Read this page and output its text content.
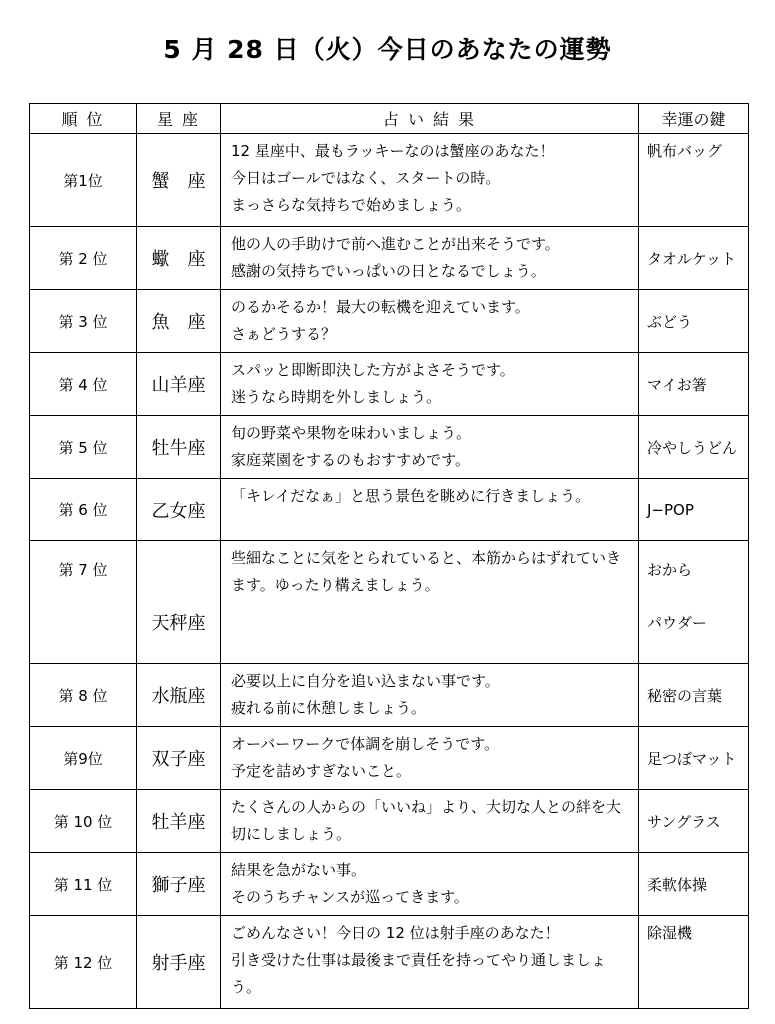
5 月 28 日（火）今日のあなたの運勢
順 位	星 座	占 い 結 果	幸運の鍵
第1位	蟹　座	12 星座中、最もラッキーなのは蟹座のあなた！
今日はゴールではなく、スタートの時。
まっさらな気持ちで始めましょう。	帆布バッグ

第 2 位	蠍　座	他の人の手助けで前へ進むことが出来そうです。
感謝の気持ちでいっぱいの日となるでしょう。	タオルケット

第 3 位	魚　座	のるかそるか！最大の転機を迎えています。
さぁどうする？	ぶどう

第 4 位	山羊座	スパッと即断即決した方がよさそうです。
迷うなら時期を外しましょう。	マイお箸

第 5 位	牡牛座	旬の野菜や果物を味わいましょう。
家庭菜園をするのもおすすめです。	冷やしうどん

第 6 位	乙女座	「キレイだなぁ」と思う景色を眺めに行きましょう。	J−POP

第 7 位	天秤座	些細なことに気をとられていると、本筋からはずれていきます。ゆったり構えましょう。	おから
パウダー

第 8 位	水瓶座	必要以上に自分を追い込まない事です。
疲れる前に休憩しましょう。	秘密の言葉

第9位	双子座	オーバーワークで体調を崩しそうです。
予定を詰めすぎないこと。	足つぼマット

第 10 位	牡羊座	たくさんの人からの「いいね」より、大切な人との絆を大切にしましょう。	サングラス

第 11 位	獅子座	結果を急がない事。
そのうちチャンスが巡ってきます。	柔軟体操

第 12 位	射手座	ごめんなさい！今日の 12 位は射手座のあなた！
引き受けた仕事は最後まで責任を持ってやり通しましょう。	除湿機
